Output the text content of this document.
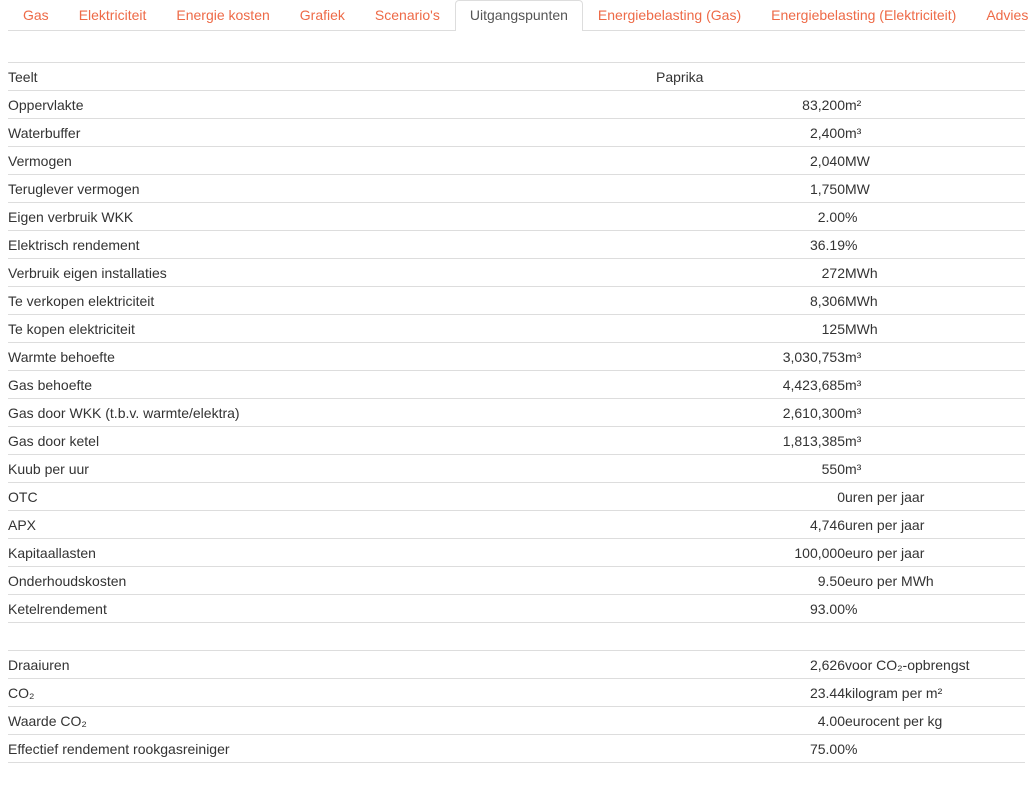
Gas Elektriciteit Energie kosten Grafiek Scenario's Uitgangspunten Energiebelasting (Gas) Energiebelasting (Elektriciteit) Advies
Teelt	Paprika	
Oppervlakte	83,200	m²
Waterbuffer	2,400	m³
Vermogen	2,040	MW
Teruglever vermogen	1,750	MW
Eigen verbruik WKK	2.00	%
Elektrisch rendement	36.19	%
Verbruik eigen installaties	272	MWh
Te verkopen elektriciteit	8,306	MWh
Te kopen elektriciteit	125	MWh
Warmte behoefte	3,030,753	m³
Gas behoefte	4,423,685	m³
Gas door WKK (t.b.v. warmte/elektra)	2,610,300	m³
Gas door ketel	1,813,385	m³
Kuub per uur	550	m³
OTC	0	uren per jaar
APX	4,746	uren per jaar
Kapitaallasten	100,000	euro per jaar
Onderhoudskosten	9.50	euro per MWh
Ketelrendement	93.00	%

Draaiuren	2,626	voor CO₂-opbrengst
CO₂	23.44	kilogram per m²
Waarde CO₂	4.00	eurocent per kg
Effectief rendement rookgasreiniger	75.00	%
